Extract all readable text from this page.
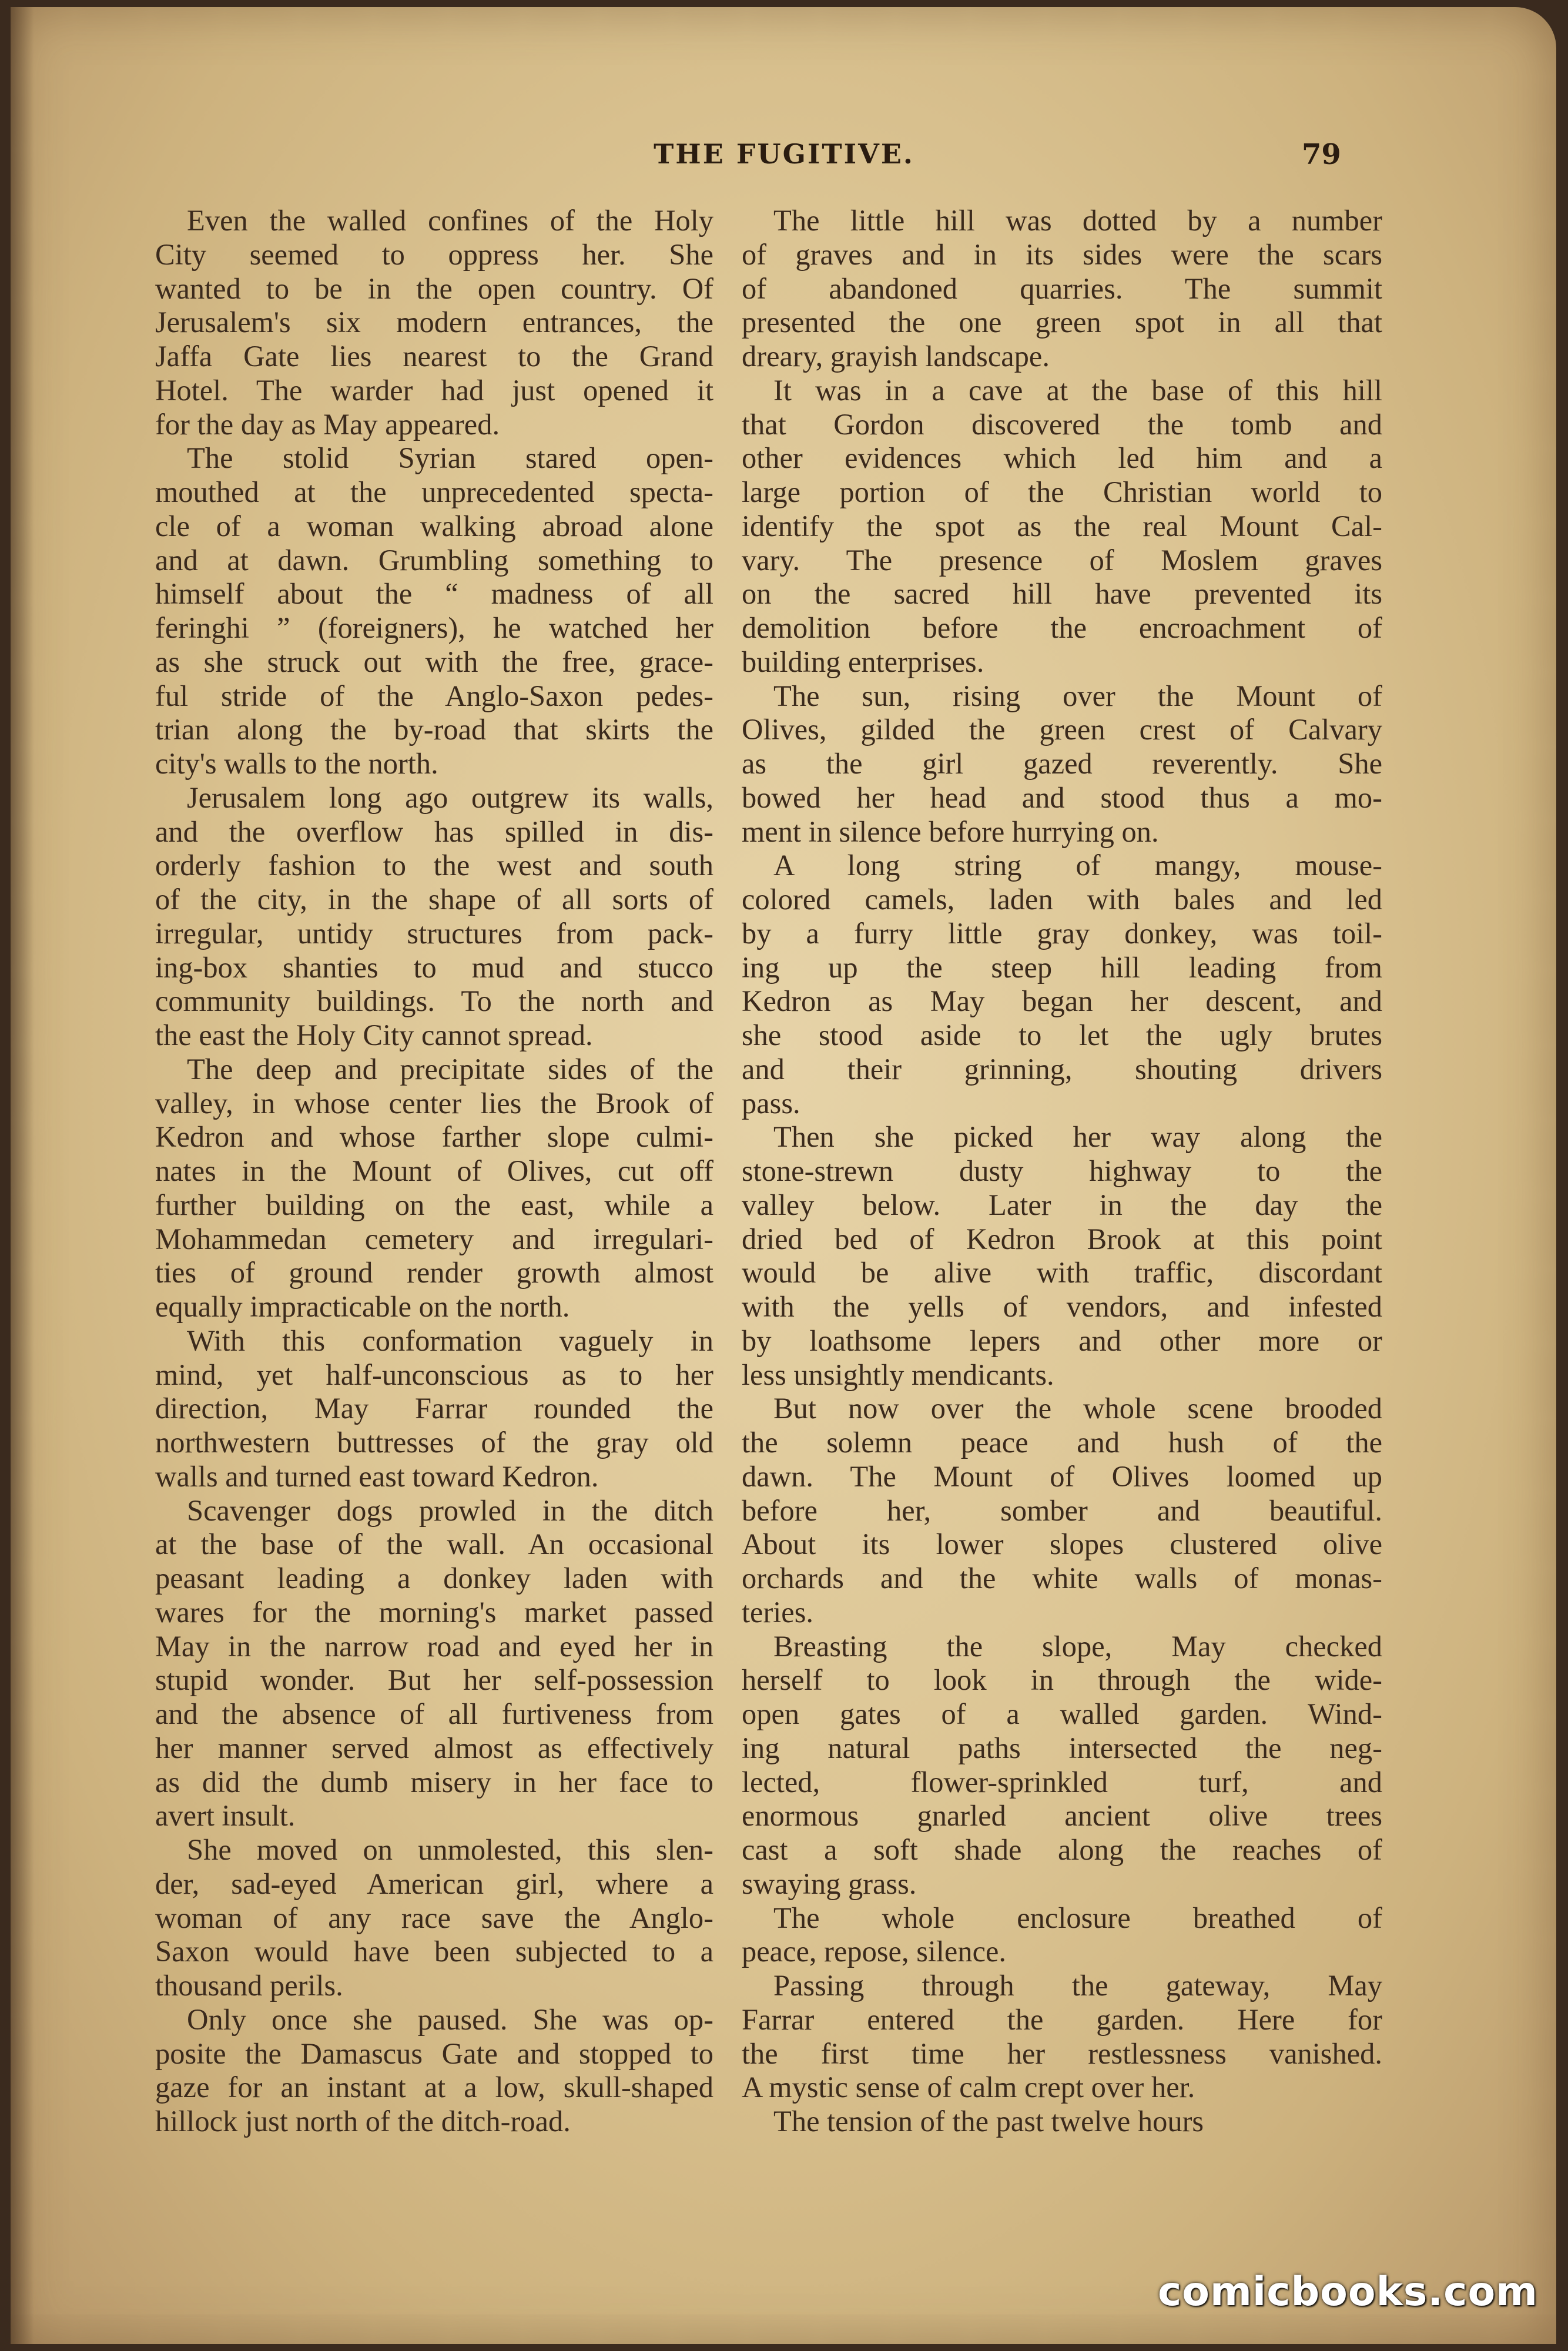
THE FUGITIVE.	79
Even the walled confines of the Holy
City seemed to oppress her. She
wanted to be in the open country. Of
Jerusalem's six modern entrances, the
Jaffa Gate lies nearest to the Grand
Hotel. The warder had just opened it
for the day as May appeared.
The stolid Syrian stared open-
mouthed at the unprecedented specta-
cle of a woman walking abroad alone
and at dawn. Grumbling something to
himself about the “ madness of all
feringhi ” (foreigners), he watched her
as she struck out with the free, grace-
ful stride of the Anglo-Saxon pedes-
trian along the by-road that skirts the
city's walls to the north.
Jerusalem long ago outgrew its walls,
and the overflow has spilled in dis-
orderly fashion to the west and south
of the city, in the shape of all sorts of
irregular, untidy structures from pack-
ing-box shanties to mud and stucco
community buildings. To the north and
the east the Holy City cannot spread.
The deep and precipitate sides of the
valley, in whose center lies the Brook of
Kedron and whose farther slope culmi-
nates in the Mount of Olives, cut off
further building on the east, while a
Mohammedan cemetery and irregulari-
ties of ground render growth almost
equally impracticable on the north.
With this conformation vaguely in
mind, yet half-unconscious as to her
direction, May Farrar rounded the
northwestern buttresses of the gray old
walls and turned east toward Kedron.
Scavenger dogs prowled in the ditch
at the base of the wall. An occasional
peasant leading a donkey laden with
wares for the morning's market passed
May in the narrow road and eyed her in
stupid wonder. But her self-possession
and the absence of all furtiveness from
her manner served almost as effectively
as did the dumb misery in her face to
avert insult.
She moved on unmolested, this slen-
der, sad-eyed American girl, where a
woman of any race save the Anglo-
Saxon would have been subjected to a
thousand perils.
Only once she paused. She was op-
posite the Damascus Gate and stopped to
gaze for an instant at a low, skull-shaped
hillock just north of the ditch-road.
The little hill was dotted by a number
of graves and in its sides were the scars
of abandoned quarries. The summit
presented the one green spot in all that
dreary, grayish landscape.
It was in a cave at the base of this hill
that Gordon discovered the tomb and
other evidences which led him and a
large portion of the Christian world to
identify the spot as the real Mount Cal-
vary. The presence of Moslem graves
on the sacred hill have prevented its
demolition before the encroachment of
building enterprises.
The sun, rising over the Mount of
Olives, gilded the green crest of Calvary
as the girl gazed reverently. She
bowed her head and stood thus a mo-
ment in silence before hurrying on.
A long string of mangy, mouse-
colored camels, laden with bales and led
by a furry little gray donkey, was toil-
ing up the steep hill leading from
Kedron as May began her descent, and
she stood aside to let the ugly brutes
and their grinning, shouting drivers
pass.
Then she picked her way along the
stone-strewn dusty highway to the
valley below. Later in the day the
dried bed of Kedron Brook at this point
would be alive with traffic, discordant
with the yells of vendors, and infested
by loathsome lepers and other more or
less unsightly mendicants.
But now over the whole scene brooded
the solemn peace and hush of the
dawn. The Mount of Olives loomed up
before her, somber and beautiful.
About its lower slopes clustered olive
orchards and the white walls of monas-
teries.
Breasting the slope, May checked
herself to look in through the wide-
open gates of a walled garden. Wind-
ing natural paths intersected the neg-
lected, flower-sprinkled turf, and
enormous gnarled ancient olive trees
cast a soft shade along the reaches of
swaying grass.
The whole enclosure breathed of
peace, repose, silence.
Passing through the gateway, May
Farrar entered the garden. Here for
the first time her restlessness vanished.
A mystic sense of calm crept over her.
The tension of the past twelve hours
comicbooks.com
